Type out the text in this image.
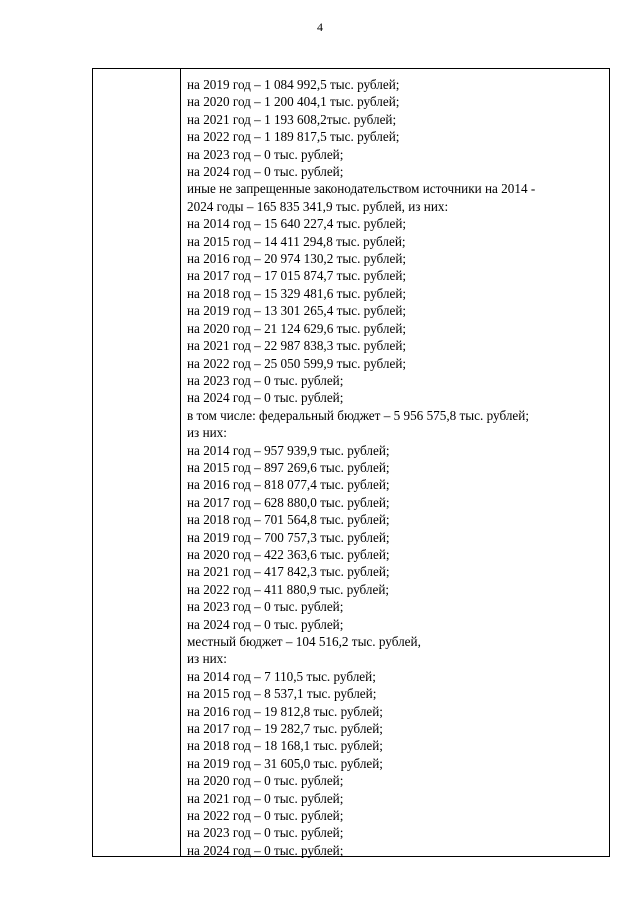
4
на 2019 год – 1 084 992,5 тыс. рублей;
на 2020 год – 1 200 404,1 тыс. рублей;
на 2021 год – 1 193 608,2тыс. рублей;
на 2022 год – 1 189 817,5 тыс. рублей;
на 2023 год – 0 тыс. рублей;
на 2024 год – 0 тыс. рублей;
иные не запрещенные законодательством источники на 2014 -
2024 годы – 165 835 341,9 тыс. рублей, из них:
на 2014 год – 15 640 227,4 тыс. рублей;
на 2015 год – 14 411 294,8 тыс. рублей;
на 2016 год – 20 974 130,2 тыс. рублей;
на 2017 год – 17 015 874,7 тыс. рублей;
на 2018 год – 15 329 481,6 тыс. рублей;
на 2019 год – 13 301 265,4 тыс. рублей;
на 2020 год – 21 124 629,6 тыс. рублей;
на 2021 год – 22 987 838,3 тыс. рублей;
на 2022 год – 25 050 599,9 тыс. рублей;
на 2023 год – 0 тыс. рублей;
на 2024 год – 0 тыс. рублей;
в том числе: федеральный бюджет – 5 956 575,8 тыс. рублей;
из них:
на 2014 год – 957 939,9 тыс. рублей;
на 2015 год – 897 269,6 тыс. рублей;
на 2016 год – 818 077,4 тыс. рублей;
на 2017 год – 628 880,0 тыс. рублей;
на 2018 год – 701 564,8 тыс. рублей;
на 2019 год – 700 757,3 тыс. рублей;
на 2020 год – 422 363,6 тыс. рублей;
на 2021 год – 417 842,3 тыс. рублей;
на 2022 год – 411 880,9 тыс. рублей;
на 2023 год – 0 тыс. рублей;
на 2024 год – 0 тыс. рублей;
местный бюджет – 104 516,2 тыс. рублей,
из них:
на 2014 год – 7 110,5 тыс. рублей;
на 2015 год – 8 537,1 тыс. рублей;
на 2016 год – 19 812,8 тыс. рублей;
на 2017 год – 19 282,7 тыс. рублей;
на 2018 год – 18 168,1 тыс. рублей;
на 2019 год – 31 605,0 тыс. рублей;
на 2020 год – 0 тыс. рублей;
на 2021 год – 0 тыс. рублей;
на 2022 год – 0 тыс. рублей;
на 2023 год – 0 тыс. рублей;
на 2024 год – 0 тыс. рублей;
